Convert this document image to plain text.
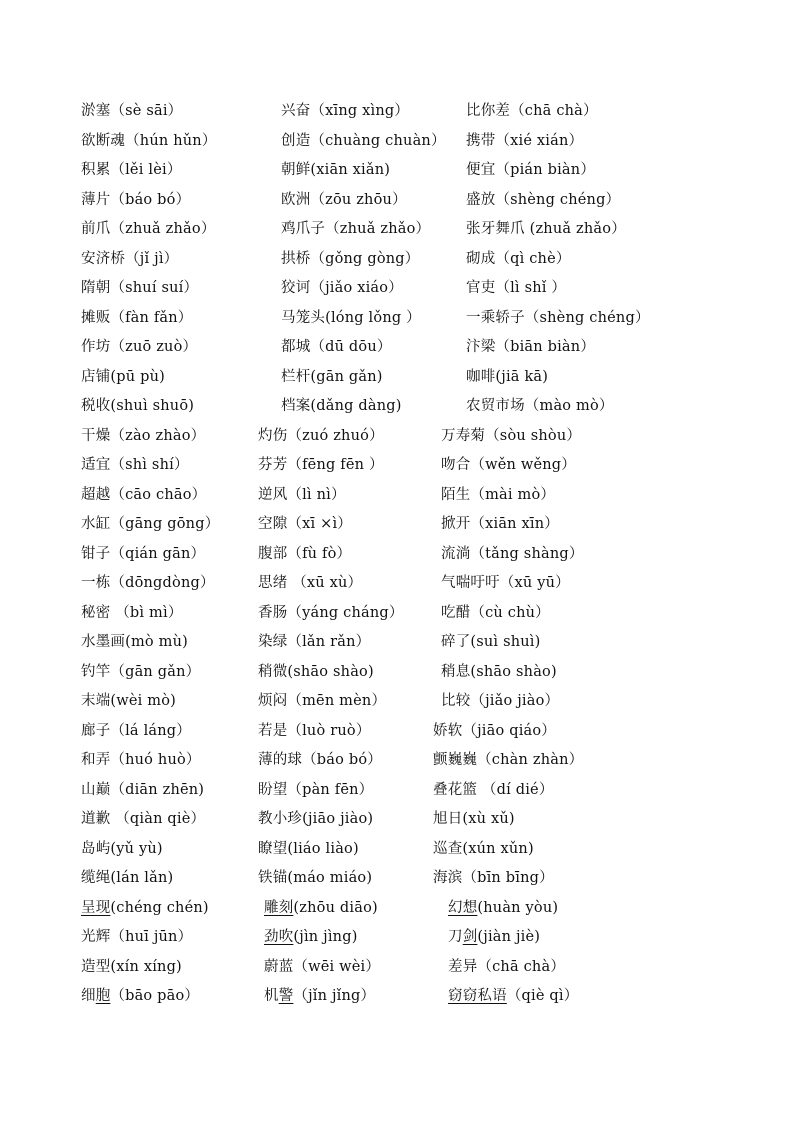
淤塞（sè sāi）	兴奋（xīng xìng）	比你差（chā chà）
欲断魂（hún hǔn）	创造（chuàng chuàn） 携带（xié xián）
积累（lěi lèi）	朝鲜(xiān xiǎn)	便宜（pián biàn）
薄片（báo bó）	欧洲（zōu zhōu）	盛放（shèng chéng）
前爪（zhuǎ zhǎo）	鸡爪子（zhuǎ zhǎo） 张牙舞爪 (zhuǎ zhǎo）
安济桥（jǐ jì）	拱桥（gǒng gòng）	砌成（qì chè）
隋朝（shuí suí）	狡诃（jiǎo xiáo）	官吏（lì shǐ ）
摊贩（fàn fǎn）	马笼头(lóng lǒng ）	一乘轿子（shèng chéng）
作坊（zuō zuò）	都城（dū dōu）	汴梁（biān biàn）
店铺(pū pù)	栏杆(gān gǎn)	咖啡(jiā kā)
税收(shuì shuō)	档案(dǎng dàng)	农贸市场（mào mò）
干燥（zào zhào）	灼伤（zuó zhuó）	万寿菊（sòu shòu）
适宜（shì shí）	芬芳（fēng fēn ）	吻合（wěn wěng）
超越（cāo chāo）	逆风（lì nì）	陌生（mài mò）
水缸（gāng gōng）	空隙（xī ×ì）	掀开（xiān xīn）
钳子（qián gān）	腹部（fù fò）	流淌（tǎng shàng）
一栋（dōngdòng）	思绪 （xū xù）	气喘吁吁（xū yū）
秘密 （bì mì）	香肠（yáng cháng）	吃醋（cù chù）
水墨画(mò mù)	染绿（lǎn rǎn）	碎了(suì shuì)
钓竿（gān gǎn）	稍微(shāo shào)	稍息(shāo shào)
末端(wèi mò)	烦闷（mēn mèn）	比较（jiǎo jiào）
廊子（lá láng）	若是（luò ruò）	娇软（jiāo qiáo）
和弄（huó huò）	薄的球（báo bó）	颤巍巍（chàn zhàn）
山巅（diān zhēn)	盼望（pàn fēn）	叠花篮 （dí dié）
道歉 （qiàn qiè）	教小珍(jiāo jiào)	旭日(xù xǔ)
岛屿(yǔ yù)	瞭望(liáo liào)	巡查(xún xǔn)
缆绳(lán lǎn)	铁锚(máo miáo)	海滨（bīn bīng）
呈现(chéng chén)	雕刻(zhōu diāo)	幻想(huàn yòu)
光辉（huī jūn）	劲吹(jìn jìng)	刀剑(jiàn jiè)
造型(xín xíng)	蔚蓝（wēi wèi）	差异（chā chà）
细胞（bāo pāo）	机警（jǐn jǐng）	窃窃私语（qiè qì）
